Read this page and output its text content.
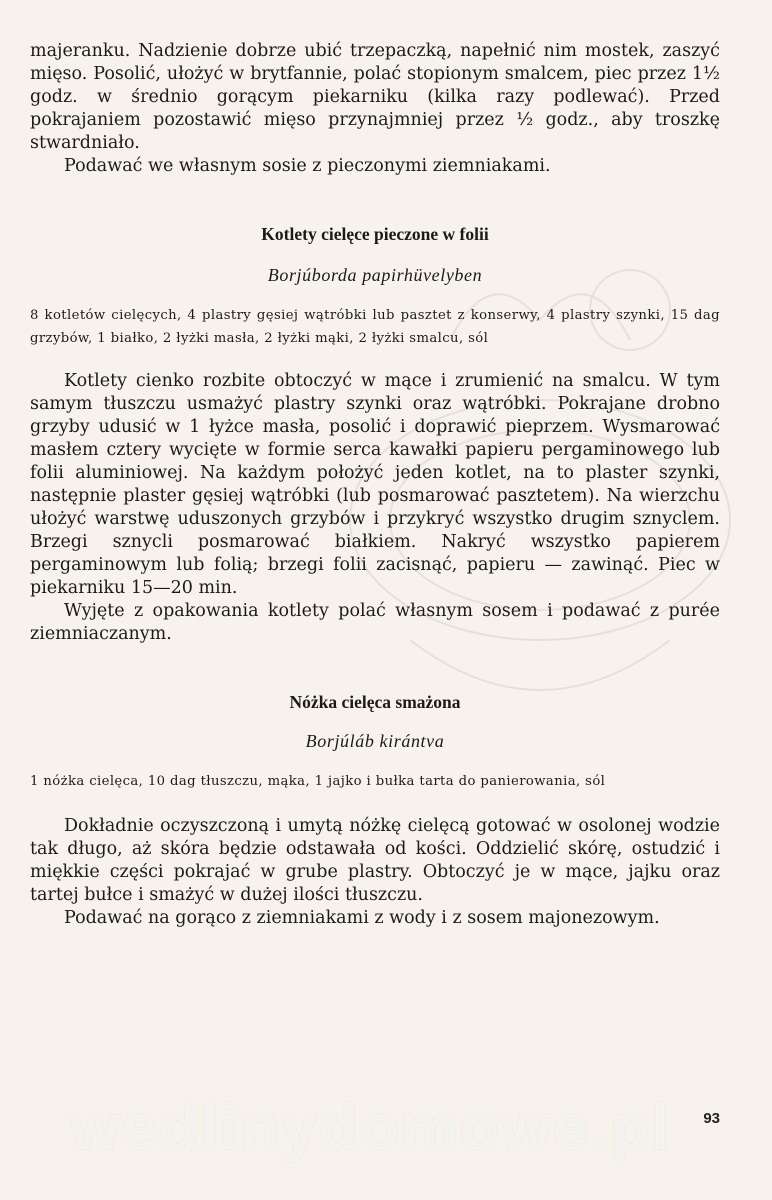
majeranku. Nadzienie dobrze ubić trzepaczką, napełnić nim mostek, zaszyć mięso. Posolić, ułożyć w brytfannie, polać stopionym smalcem, piec przez 1½ godz. w średnio gorącym piekarniku (kilka razy podlewać). Przed pokrajaniem pozostawić mięso przynajmniej przez ½ godz., aby troszkę stwardniało.

Podawać we własnym sosie z pieczonymi ziemniakami.

Kotlety cielęce pieczone w folii

Borjúborda papirhüvelyben

8 kotletów cielęcych, 4 plastry gęsiej wątróbki lub pasztet z konserwy, 4 plastry szynki, 15 dag grzybów, 1 białko, 2 łyżki masła, 2 łyżki mąki, 2 łyżki smalcu, sól

Kotlety cienko rozbite obtoczyć w mące i zrumienić na smalcu. W tym samym tłuszczu usmażyć plastry szynki oraz wątróbki. Pokrajane drobno grzyby udusić w 1 łyżce masła, posolić i doprawić pieprzem. Wysmarować masłem cztery wycięte w formie serca kawałki papieru pergaminowego lub folii aluminiowej. Na każdym położyć jeden kotlet, na to plaster szynki, następnie plaster gęsiej wątróbki (lub posmarować pasztetem). Na wierzchu ułożyć warstwę uduszonych grzybów i przykryć wszystko drugim sznyclem. Brzegi sznycli posmarować białkiem. Nakryć wszystko papierem pergaminowym lub folią; brzegi folii zacisnąć, papieru — zawinąć. Piec w piekarniku 15—20 min.

Wyjęte z opakowania kotlety polać własnym sosem i podawać z purée ziemniaczanym.

Nóżka cielęca smażona

Borjúláb kirántva

1 nóżka cielęca, 10 dag tłuszczu, mąka, 1 jajko i bułka tarta do panierowania, sól

Dokładnie oczyszczoną i umytą nóżkę cielęcą gotować w osolonej wodzie tak długo, aż skóra będzie odstawała od kości. Oddzielić skórę, ostudzić i miękkie części pokrajać w grube plastry. Obtoczyć je w mące, jajku oraz tartej bułce i smażyć w dużej ilości tłuszczu.

Podawać na gorąco z ziemniakami z wody i z sosem majonezowym.

wedlinydomowe.pl 93
